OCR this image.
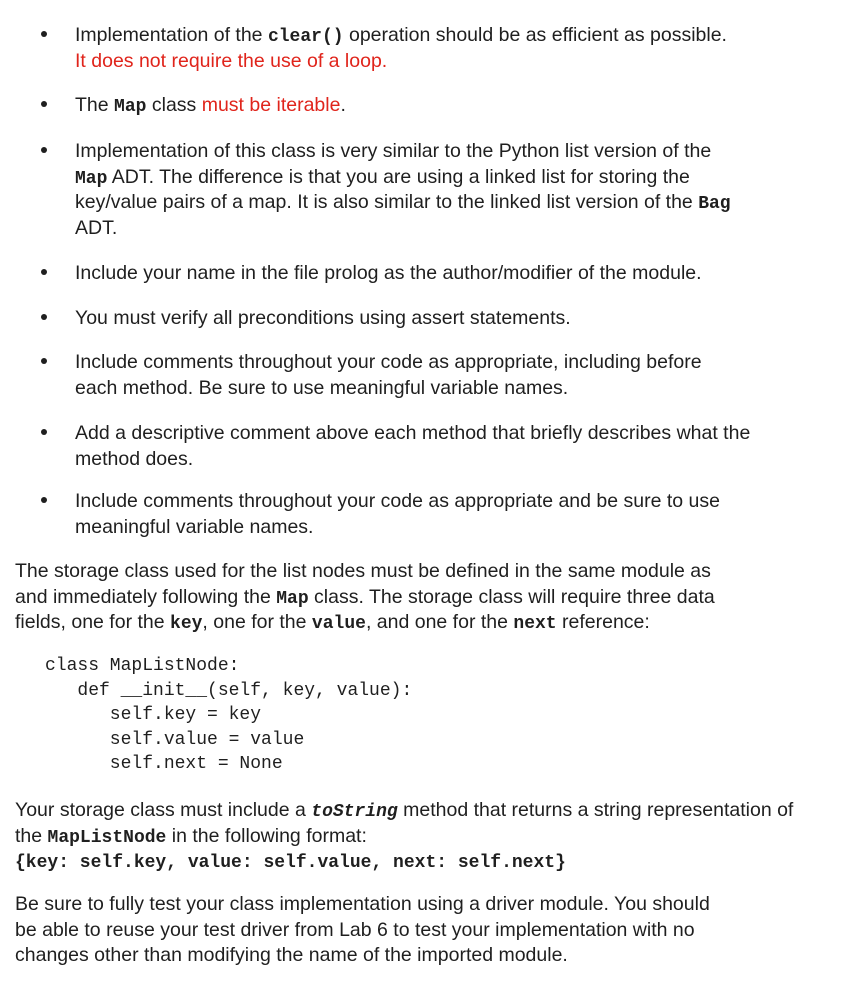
Implementation of the clear() operation should be as efficient as possible.
It does not require the use of a loop.
The Map class must be iterable.
Implementation of this class is very similar to the Python list version of the
Map ADT. The difference is that you are using a linked list for storing the
key/value pairs of a map. It is also similar to the linked list version of the Bag
ADT.
Include your name in the file prolog as the author/modifier of the module.
You must verify all preconditions using assert statements.
Include comments throughout your code as appropriate, including before
each method. Be sure to use meaningful variable names.
Add a descriptive comment above each method that briefly describes what the
method does.
Include comments throughout your code as appropriate and be sure to use
meaningful variable names.
The storage class used for the list nodes must be defined in the same module as
and immediately following the Map class. The storage class will require three data
fields, one for the key, one for the value, and one for the next reference:
class MapListNode:
def __init__(self, key, value):
self.key = key
self.value = value
self.next = None
Your storage class must include a toString method that returns a string representation of
the MapListNode in the following format:
{key: self.key, value: self.value, next: self.next}
Be sure to fully test your class implementation using a driver module. You should
be able to reuse your test driver from Lab 6 to test your implementation with no
changes other than modifying the name of the imported module.
